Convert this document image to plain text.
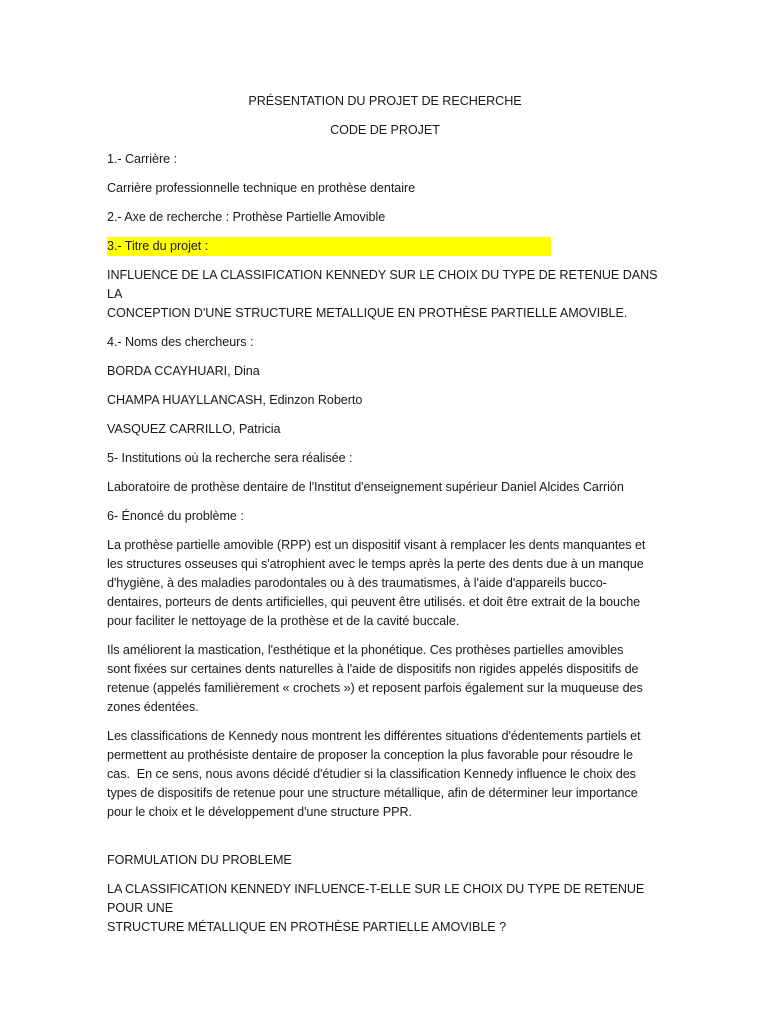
PRÉSENTATION DU PROJET DE RECHERCHE
CODE DE PROJET
1.- Carrière :
Carrière professionnelle technique en prothèse dentaire
2.- Axe de recherche : Prothèse Partielle Amovible
3.- Titre du projet :
INFLUENCE DE LA CLASSIFICATION KENNEDY SUR LE CHOIX DU TYPE DE RETENUE DANS LA
CONCEPTION D'UNE STRUCTURE METALLIQUE EN PROTHÈSE PARTIELLE AMOVIBLE.
4.- Noms des chercheurs :
BORDA CCAYHUARI, Dina
CHAMPA HUAYLLANCASH, Edinzon Roberto
VASQUEZ CARRILLO, Patricia
5- Institutions où la recherche sera réalisée :
Laboratoire de prothèse dentaire de l'Institut d'enseignement supérieur Daniel Alcides Carrión
6- Énoncé du problème :
La prothèse partielle amovible (RPP) est un dispositif visant à remplacer les dents manquantes et
les structures osseuses qui s'atrophient avec le temps après la perte des dents due à un manque
d'hygiène, à des maladies parodontales ou à des traumatismes, à l'aide d'appareils bucco-
dentaires, porteurs de dents artificielles, qui peuvent être utilisés. et doit être extrait de la bouche
pour faciliter le nettoyage de la prothèse et de la cavité buccale.
Ils améliorent la mastication, l'esthétique et la phonétique. Ces prothèses partielles amovibles
sont fixées sur certaines dents naturelles à l'aide de dispositifs non rigides appelés dispositifs de
retenue (appelés familièrement « crochets ») et reposent parfois également sur la muqueuse des
zones édentées.
Les classifications de Kennedy nous montrent les différentes situations d'édentements partiels et
permettent au prothésiste dentaire de proposer la conception la plus favorable pour résoudre le
cas.  En ce sens, nous avons décidé d'étudier si la classification Kennedy influence le choix des
types de dispositifs de retenue pour une structure métallique, afin de déterminer leur importance
pour le choix et le développement d'une structure PPR.
FORMULATION DU PROBLEME
LA CLASSIFICATION KENNEDY INFLUENCE-T-ELLE SUR LE CHOIX DU TYPE DE RETENUE POUR UNE
STRUCTURE MÉTALLIQUE EN PROTHÈSE PARTIELLE AMOVIBLE ?
